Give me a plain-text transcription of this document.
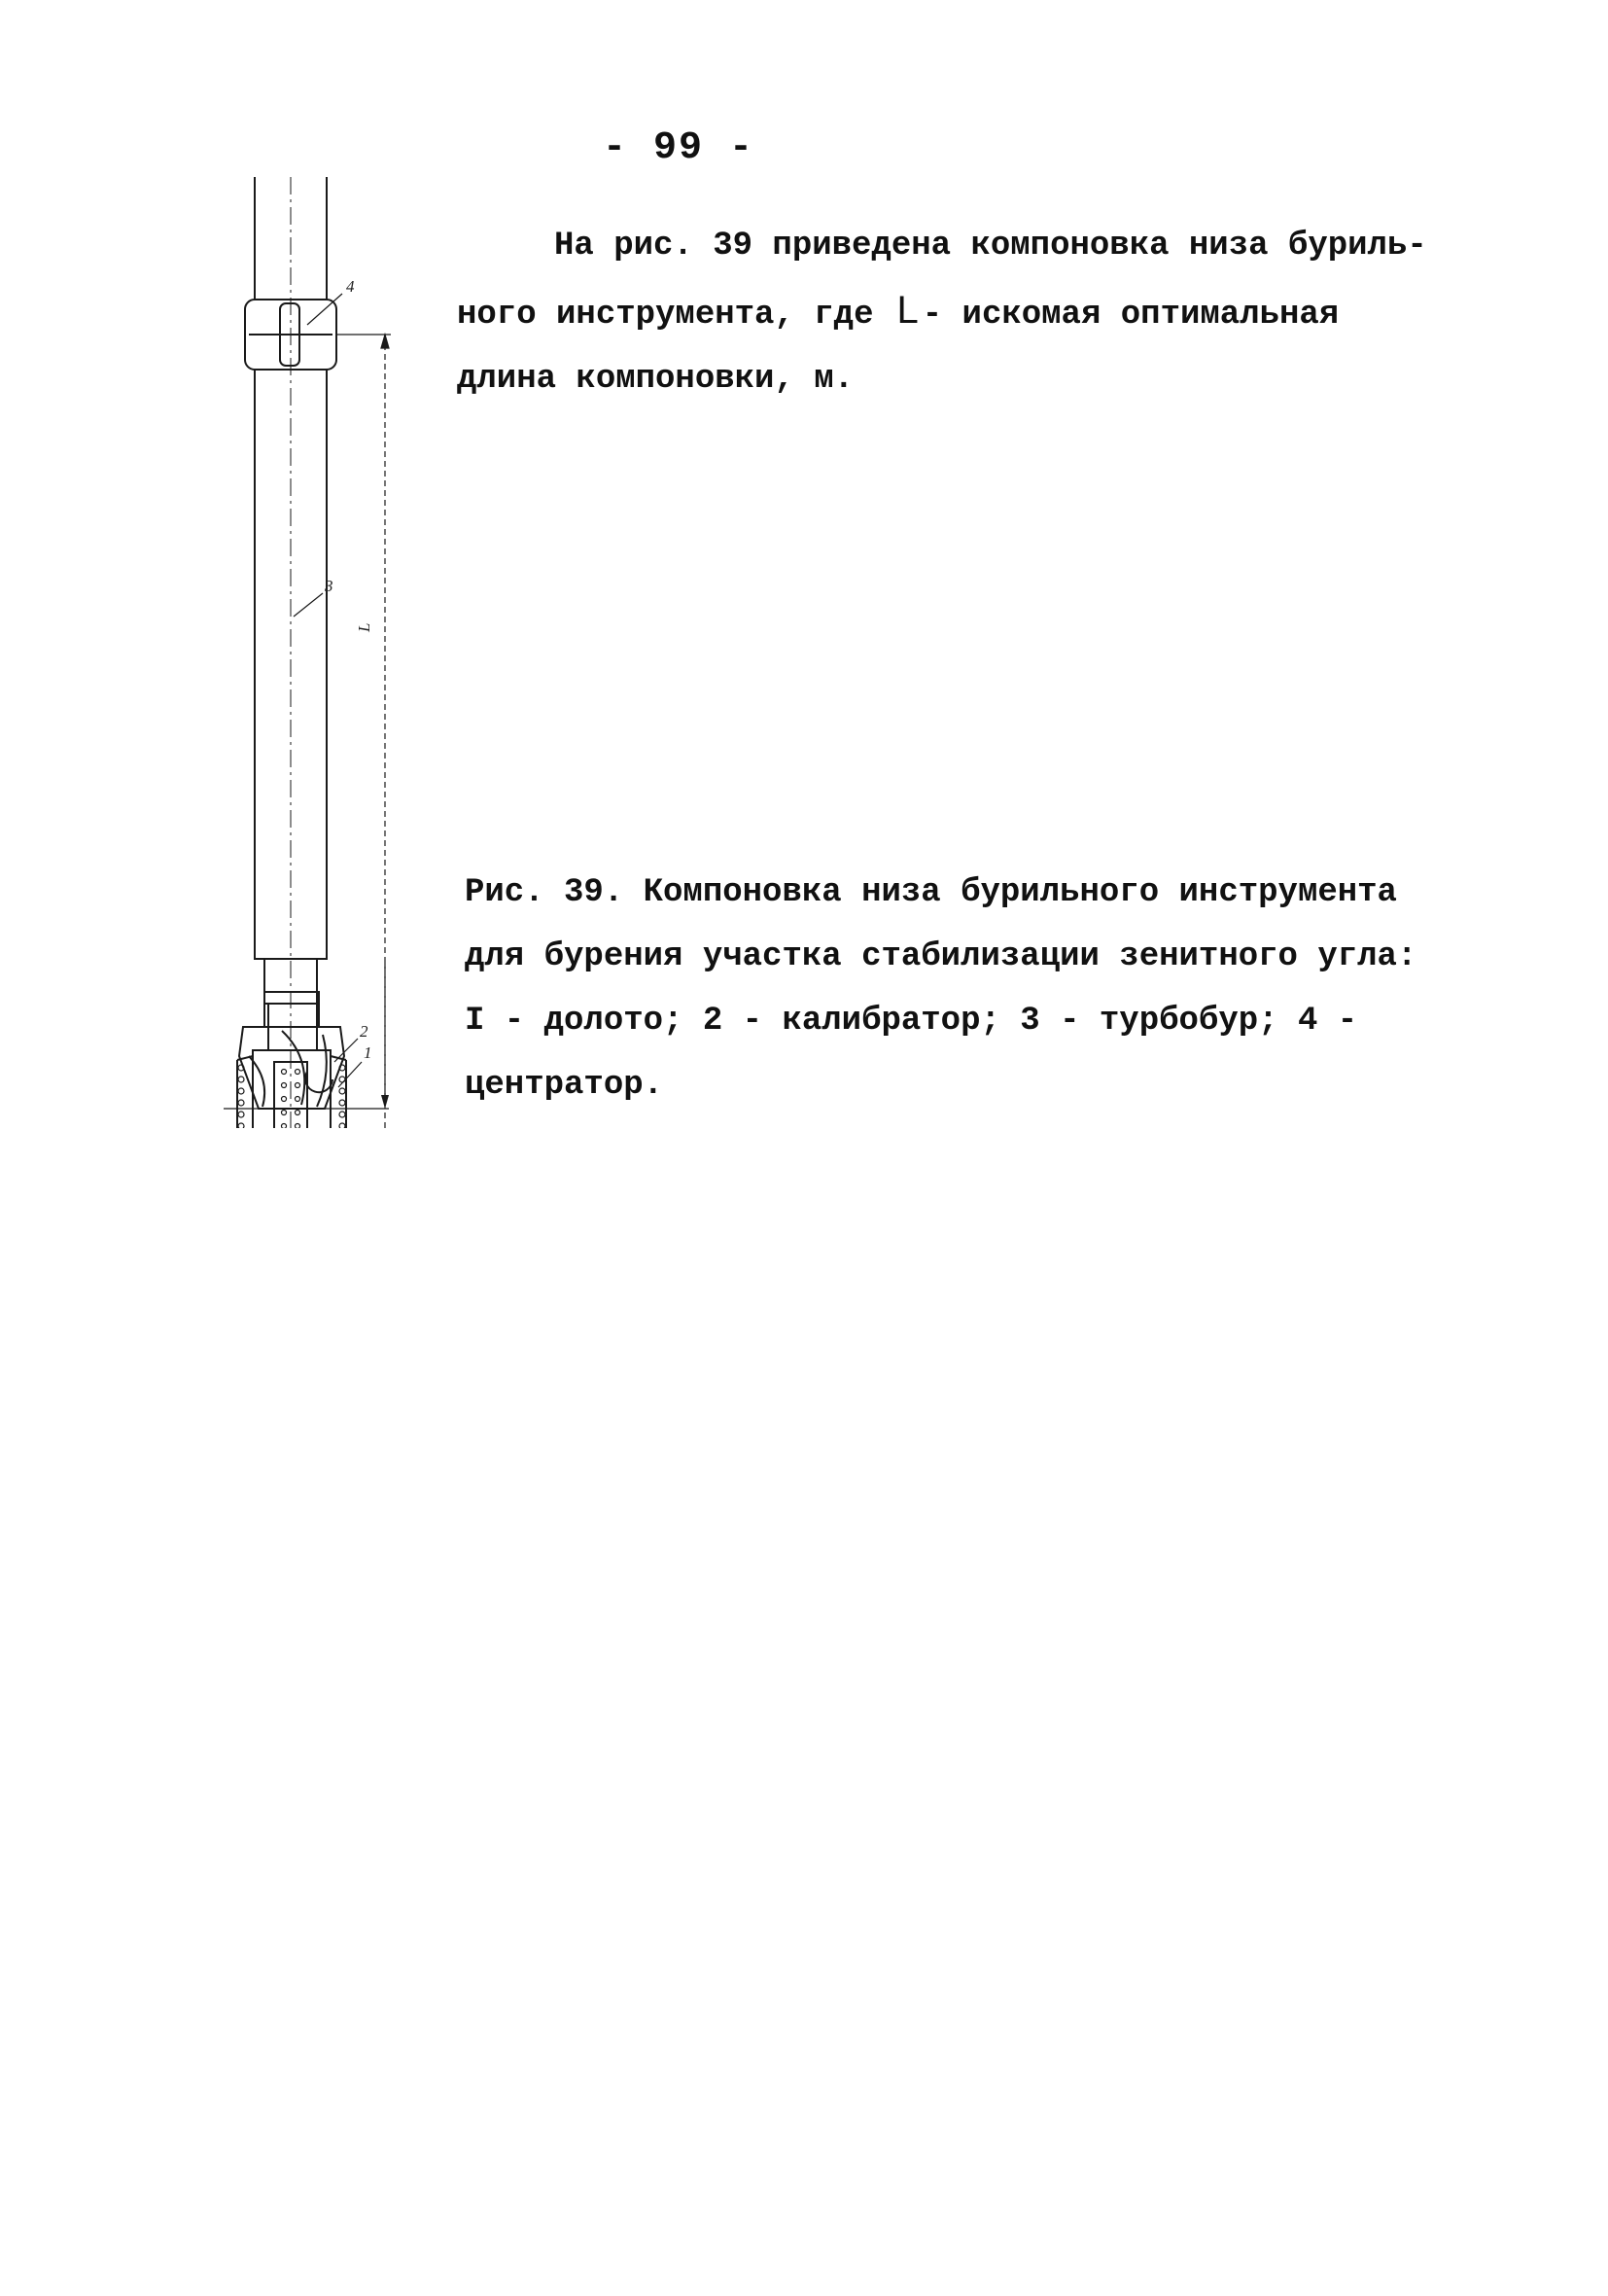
- 99 -
На рис. 39 приведена компоновка низа буриль-
ного инструмента, где L - искомая оптимальная
длина компоновки, м.
4
3
2
L
Рис. 39. Компоновка низа бурильного инструмента
для бурения участка стабилизации зенитного угла:
I - долото; 2 - калибратор; 3 - турбобур; 4 -
центратор.
1
